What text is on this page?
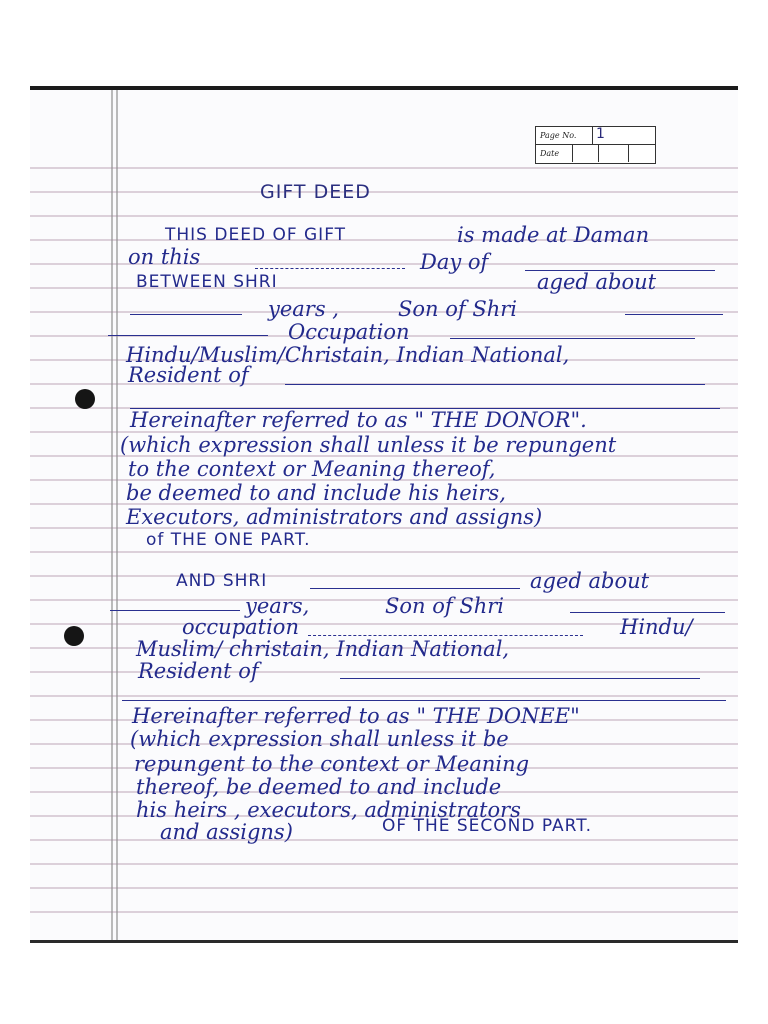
Page No. 1
Date
GIFT DEED
THIS DEED OF GIFT	is made at Daman
on this	Day of
BETWEEN SHRI	aged about
years ,	Son of Shri
Occupation
Hindu/Muslim/Christain, Indian National,
Resident of
Hereinafter referred to as " THE DONOR".
(which expression shall unless it be repungent
to the context or Meaning thereof,
be deemed to and include his heirs,
Executors, administrators and assigns)
of THE ONE PART.
AND SHRI	aged about
years,	Son of Shri
occupation	Hindu/
Muslim/ christain, Indian National,
Resident of
Hereinafter referred to as " THE DONEE"
(which expression shall unless it be
repungent to the context or Meaning
thereof, be deemed to and include
his heirs , executors, administrators
and assigns)	OF THE SECOND PART.
